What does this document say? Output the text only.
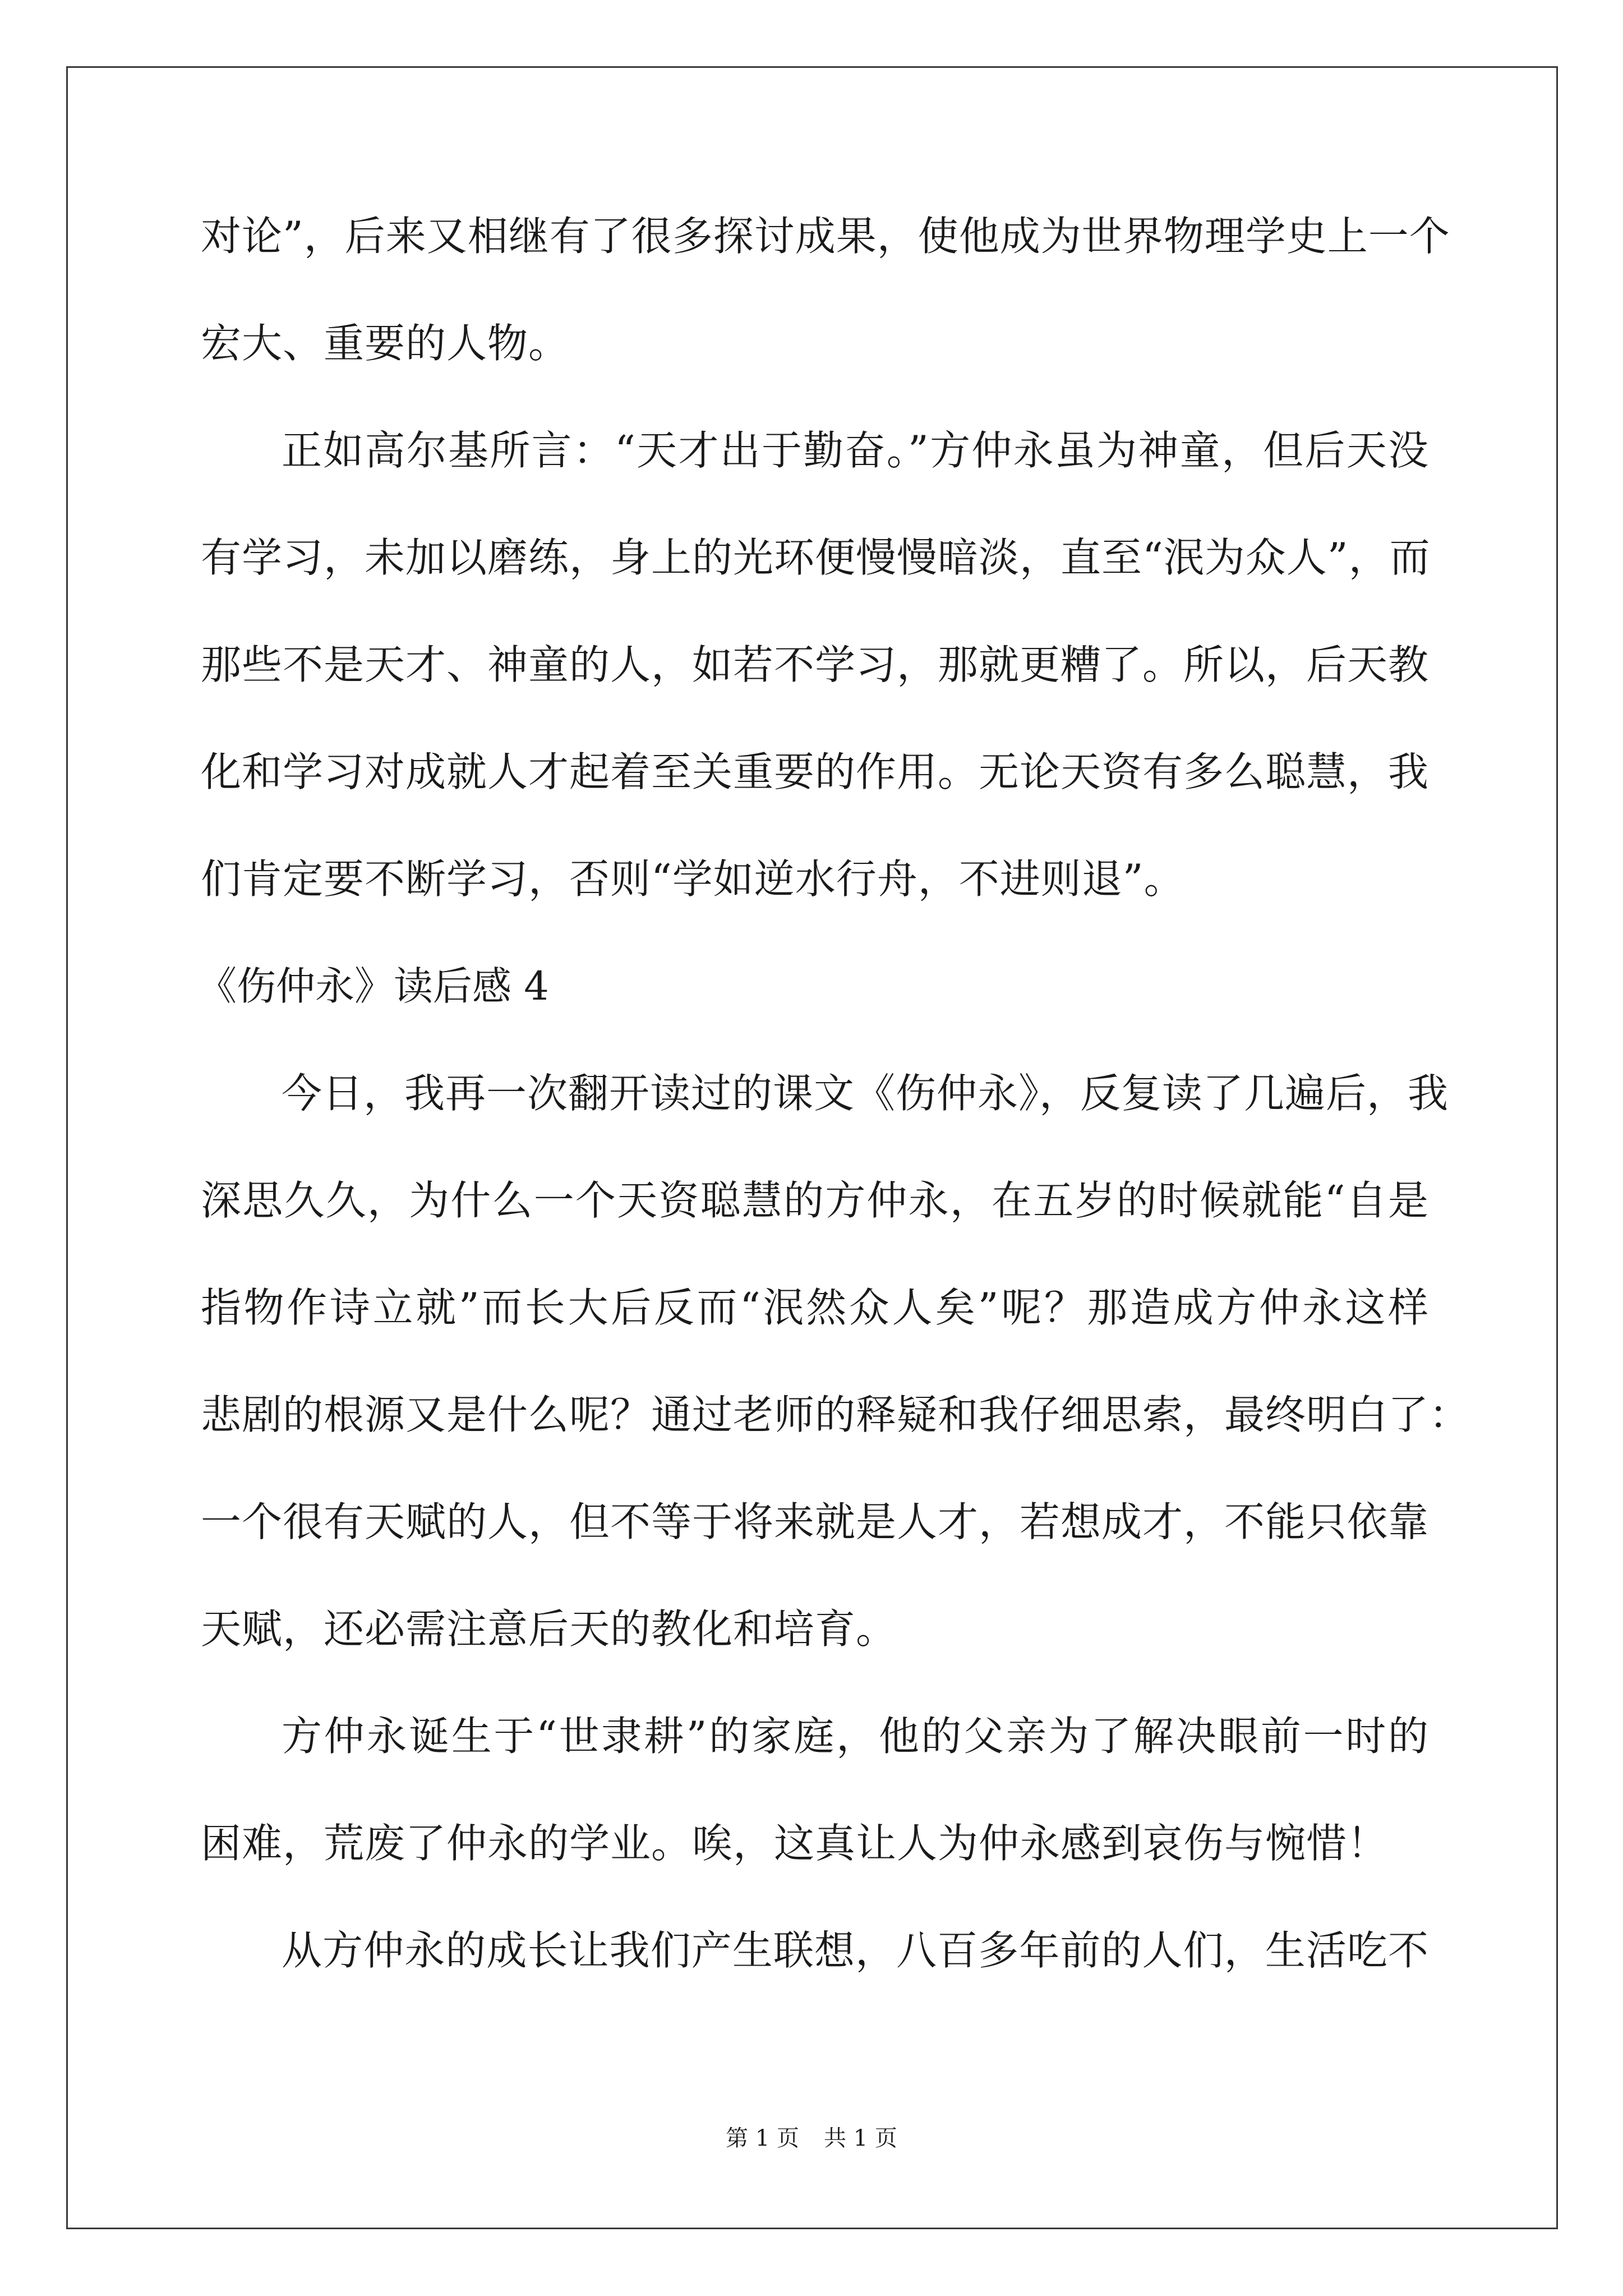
对论”，后来又相继有了很多探讨成果，使他成为世界物理学史上一个
宏大、重要的人物。
正如高尔基所言：“天才出于勤奋。”方仲永虽为神童，但后天没
有学习，未加以磨练，身上的光环便慢慢暗淡，直至“泯为众人”，而
那些不是天才、神童的人，如若不学习，那就更糟了。所以，后天教
化和学习对成就人才起着至关重要的作用。无论天资有多么聪慧，我
们肯定要不断学习，否则“学如逆水行舟，不进则退”。
《伤仲永》读后感 4
今日，我再一次翻开读过的课文《伤仲永》，反复读了几遍后，我
深思久久，为什么一个天资聪慧的方仲永，在五岁的时候就能“自是
指物作诗立就”而长大后反而“泯然众人矣”呢？那造成方仲永这样
悲剧的根源又是什么呢？通过老师的释疑和我仔细思索，最终明白了：
一个很有天赋的人，但不等于将来就是人才，若想成才，不能只依靠
天赋，还必需注意后天的教化和培育。
方仲永诞生于“世隶耕”的家庭，他的父亲为了解决眼前一时的
困难，荒废了仲永的学业。唉，这真让人为仲永感到哀伤与惋惜！
从方仲永的成长让我们产生联想，八百多年前的人们，生活吃不
第 1 页 共 1 页
